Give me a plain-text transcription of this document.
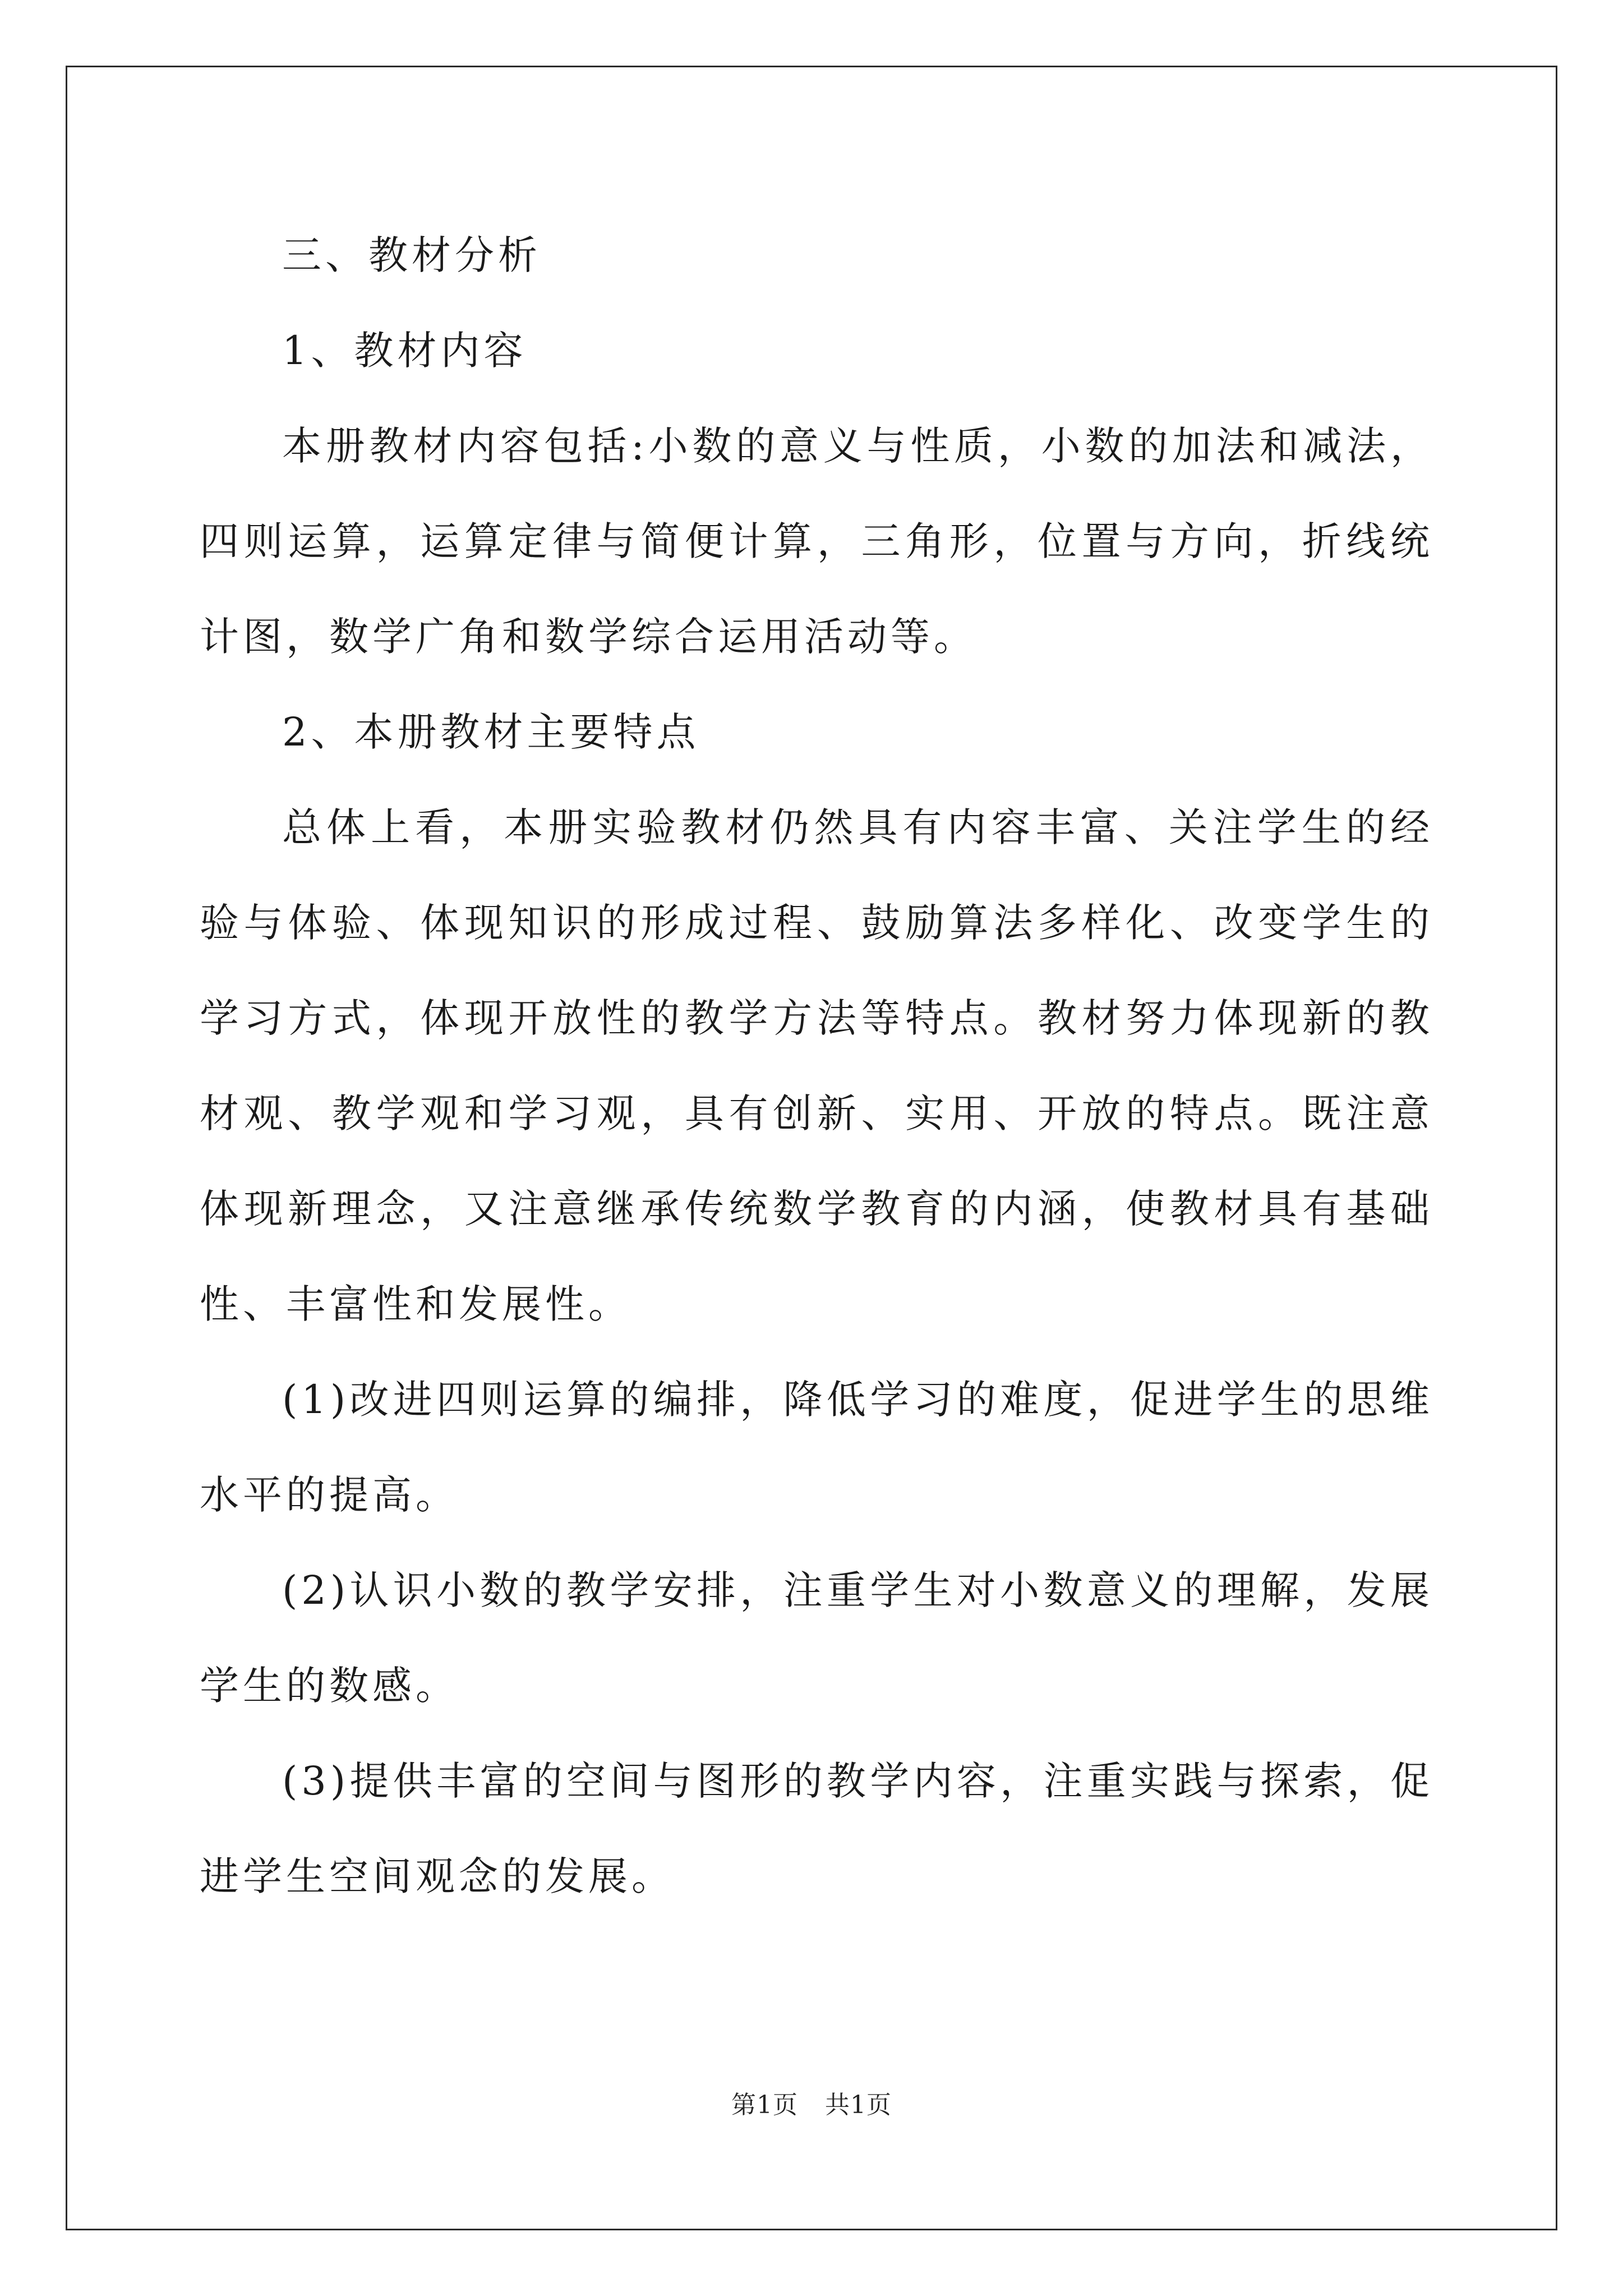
三、教材分析

1、教材内容

本册教材内容包括:小数的意义与性质，小数的加法和减法，四则运算，运算定律与简便计算，三角形，位置与方向，折线统计图，数学广角和数学综合运用活动等。

2、本册教材主要特点

总体上看，本册实验教材仍然具有内容丰富、关注学生的经验与体验、体现知识的形成过程、鼓励算法多样化、改变学生的学习方式，体现开放性的教学方法等特点。教材努力体现新的教材观、教学观和学习观，具有创新、实用、开放的特点。既注意体现新理念，又注意继承传统数学教育的内涵，使教材具有基础性、丰富性和发展性。

(1)改进四则运算的编排，降低学习的难度，促进学生的思维水平的提高。

(2)认识小数的教学安排，注重学生对小数意义的理解，发展学生的数感。

(3)提供丰富的空间与图形的教学内容，注重实践与探索，促进学生空间观念的发展。

第1页 共1页
